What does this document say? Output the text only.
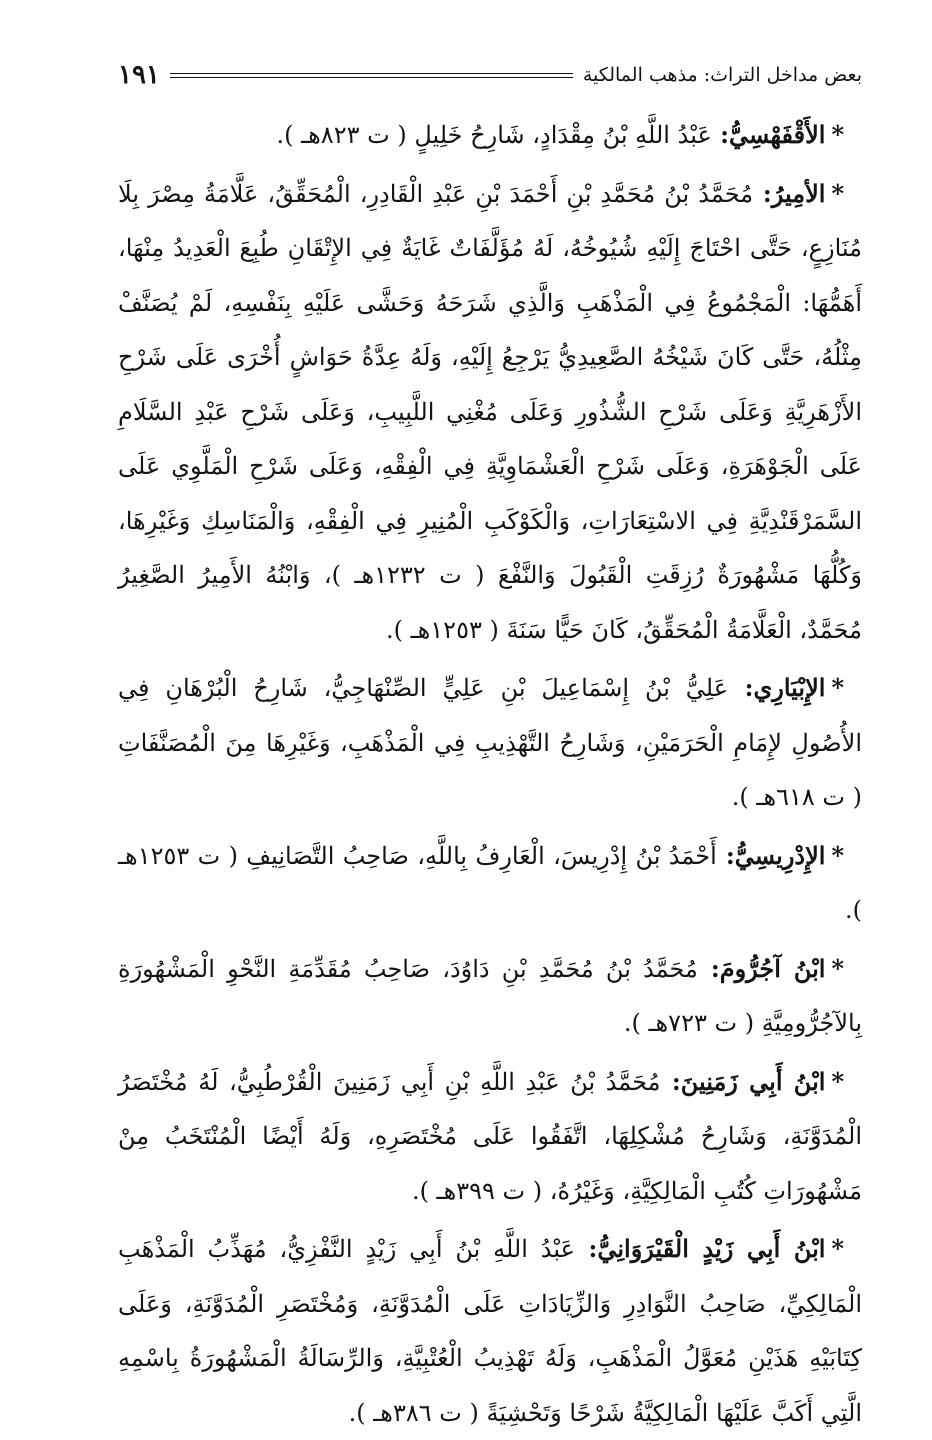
بعض مداخل التراث: مذهب المالكية
١٩١

*الأَقْفَهْسِيُّ: عَبْدُ اللَّهِ بْنُ مِقْدَادٍ، شَارِحُ خَلِيلٍ ( ت ٨٢٣هـ ).

*الأمِيرُ: مُحَمَّدُ بْنُ مُحَمَّدِ بْنِ أَحْمَدَ بْنِ عَبْدِ الْقَادِرِ، الْمُحَقِّقُ، عَلَّامَةُ مِصْرَ بِلَا مُنَازِعٍ، حَتَّى احْتَاجَ إِلَيْهِ شُيُوخُهُ، لَهُ مُؤَلَّفَاتٌ غَايَةٌ فِي الإِتْقَانِ طُبِعَ الْعَدِيدُ مِنْهَا، أَهَمُّهَا: الْمَجْمُوعُ فِي الْمَذْهَبِ وَالَّذِي شَرَحَهُ وَحَشَّى عَلَيْهِ بِنَفْسِهِ، لَمْ يُصَنَّفْ مِثْلُهُ، حَتَّى كَانَ شَيْخُهُ الصَّعِيدِيُّ يَرْجِعُ إِلَيْهِ، وَلَهُ عِدَّةُ حَوَاشٍ أُخْرَى عَلَى شَرْحِ الأَزْهَرِيَّةِ وَعَلَى شَرْحِ الشُّذُورِ وَعَلَى مُغْنِي اللَّبِيبِ، وَعَلَى شَرْحِ عَبْدِ السَّلَامِ عَلَى الْجَوْهَرَةِ، وَعَلَى شَرْحِ الْعَشْمَاوِيَّةِ فِي الْفِقْهِ، وَعَلَى شَرْحِ الْمَلَّوِي عَلَى السَّمَرْقَنْدِيَّةِ فِي الاسْتِعَارَاتِ، وَالْكَوْكَبِ الْمُنِيرِ فِي الْفِقْهِ، وَالْمَنَاسِكِ وَغَيْرِهَا، وَكُلُّهَا مَشْهُورَةٌ رُزِقَتِ الْقَبُولَ وَالنَّفْعَ ( ت ١٢٣٢هـ )، وَابْنُهُ الأَمِيرُ الصَّغِيرُ مُحَمَّدٌ، الْعَلَّامَةُ الْمُحَقِّقُ، كَانَ حَيًّا سَنَةَ ( ١٢٥٣هـ ).

*الإِبْيَارِي: عَلِيُّ بْنُ إِسْمَاعِيلَ بْنِ عَلِيٍّ الصِّنْهَاجِيُّ، شَارِحُ الْبُرْهَانِ فِي الأُصُولِ لإِمَامِ الْحَرَمَيْنِ، وَشَارِحُ التَّهْذِيبِ فِي الْمَذْهَبِ، وَغَيْرِهَا مِنَ الْمُصَنَّفَاتِ ( ت ٦١٨هـ ).

*الإِدْرِيسِيُّ: أَحْمَدُ بْنُ إِدْرِيسَ، الْعَارِفُ بِاللَّهِ، صَاحِبُ التَّصَانِيفِ ( ت ١٢٥٣هـ ).

*ابْنُ آجُرُّومَ: مُحَمَّدُ بْنُ مُحَمَّدِ بْنِ دَاوُدَ، صَاحِبُ مُقَدِّمَةِ النَّحْوِ الْمَشْهُورَةِ بِالآجُرُّومِيَّةِ ( ت ٧٢٣هـ ).

*ابْنُ أَبِي زَمَنِينَ: مُحَمَّدُ بْنُ عَبْدِ اللَّهِ بْنِ أَبِي زَمَنِينَ الْقُرْطُبِيُّ، لَهُ مُخْتَصَرُ الْمُدَوَّنَةِ، وَشَارِحُ مُشْكِلِهَا، اتَّفَقُوا عَلَى مُخْتَصَرِهِ، وَلَهُ أَيْضًا الْمُنْتَخَبُ مِنْ مَشْهُورَاتِ كُتُبِ الْمَالِكِيَّةِ، وَغَيْرُهُ، ( ت ٣٩٩هـ ).

*ابْنُ أَبِي زَيْدٍ الْقَيْرَوَانِيُّ: عَبْدُ اللَّهِ بْنُ أَبِي زَيْدٍ النَّفْزِيُّ، مُهَذِّبُ الْمَذْهَبِ الْمَالِكِيِّ، صَاحِبُ النَّوَادِرِ وَالزِّيَادَاتِ عَلَى الْمُدَوَّنَةِ، وَمُخْتَصَرِ الْمُدَوَّنَةِ، وَعَلَى كِتَابَيْهِ هَذَيْنِ مُعَوَّلُ الْمَذْهَبِ، وَلَهُ تَهْذِيبُ الْعُتْبِيَّةِ، وَالرِّسَالَةُ الْمَشْهُورَةُ بِاسْمِهِ الَّتِي أَكَبَّ عَلَيْهَا الْمَالِكِيَّةُ شَرْحًا وَتَحْشِيَةً ( ت ٣٨٦هـ ).
